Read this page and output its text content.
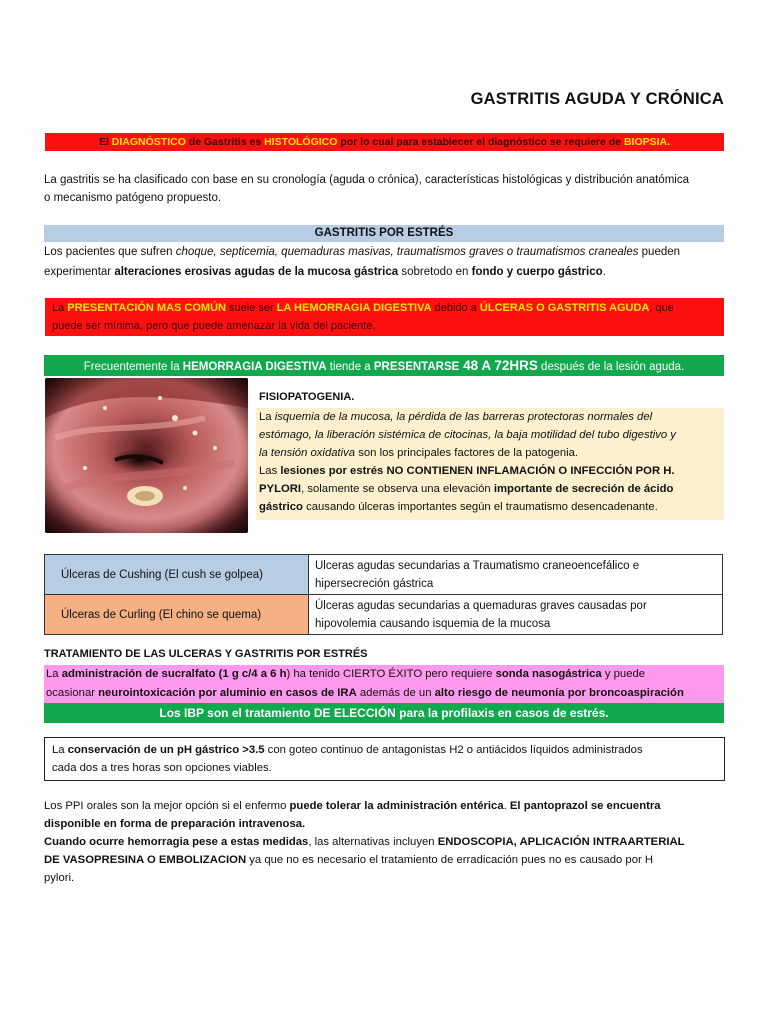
GASTRITIS AGUDA Y CRÓNICA
El DIAGNÓSTICO de Gastritis es HISTOLÓGICO por lo cual para establecer el diagnóstico se requiere de BIOPSIA.
La gastritis se ha clasificado con base en su cronología (aguda o crónica), características histológicas y distribución anatómica
o mecanismo patógeno propuesto.
GASTRITIS POR ESTRÉS
Los pacientes que sufren choque, septicemia, quemaduras masivas, traumatismos graves o traumatismos craneales pueden
experimentar alteraciones erosivas agudas de la mucosa gástrica sobretodo en fondo y cuerpo gástrico.
La PRESENTACIÓN MAS COMÚN suele ser LA HEMORRAGIA DIGESTIVA debido a ÚLCERAS O GASTRITIS AGUDA, que
puede ser mínima, pero que puede amenazar la vida del paciente.
Frecuentemente la HEMORRAGIA DIGESTIVA tiende a PRESENTARSE 48 A 72HRS después de la lesión aguda.
FISIOPATOGENIA.
La isquemia de la mucosa, la pérdida de las barreras protectoras normales del
estómago, la liberación sistémica de citocinas, la baja motilidad del tubo digestivo y
la tensión oxidativa son los principales factores de la patogenia.
Las lesiones por estrés NO CONTIENEN INFLAMACIÓN O INFECCIÓN POR H.
PYLORI, solamente se observa una elevación importante de secreción de ácido
gástrico causando úlceras importantes según el traumatismo desencadenante.
Úlceras de Cushing (El cush se golpea)	Ulceras agudas secundarias a Traumatismo craneoencefálico e
hipersecreción gástrica

Úlceras de Curling (El chino se quema)	Úlceras agudas secundarias a quemaduras graves causadas por
hipovolemia causando isquemia de la mucosa
TRATAMIENTO DE LAS ULCERAS Y GASTRITIS POR ESTRÉS
La administración de sucralfato (1 g c/4 a 6 h) ha tenido CIERTO ÉXITO pero requiere sonda nasogástrica y puede
ocasionar neurointoxicación por aluminio en casos de IRA además de un alto riesgo de neumonía por broncoaspiración
Los IBP son el tratamiento DE ELECCIÓN para la profilaxis en casos de estrés.
La conservación de un pH gástrico >3.5 con goteo continuo de antagonistas H2 o antiácidos líquidos administrados
cada dos a tres horas son opciones viables.
Los PPI orales son la mejor opción si el enfermo puede tolerar la administración entérica. El pantoprazol se encuentra
disponible en forma de preparación intravenosa.
Cuando ocurre hemorragia pese a estas medidas, las alternativas incluyen ENDOSCOPIA, APLICACIÓN INTRAARTERIAL
DE VASOPRESINA O EMBOLIZACION ya que no es necesario el tratamiento de erradicación pues no es causado por H
pylori.
